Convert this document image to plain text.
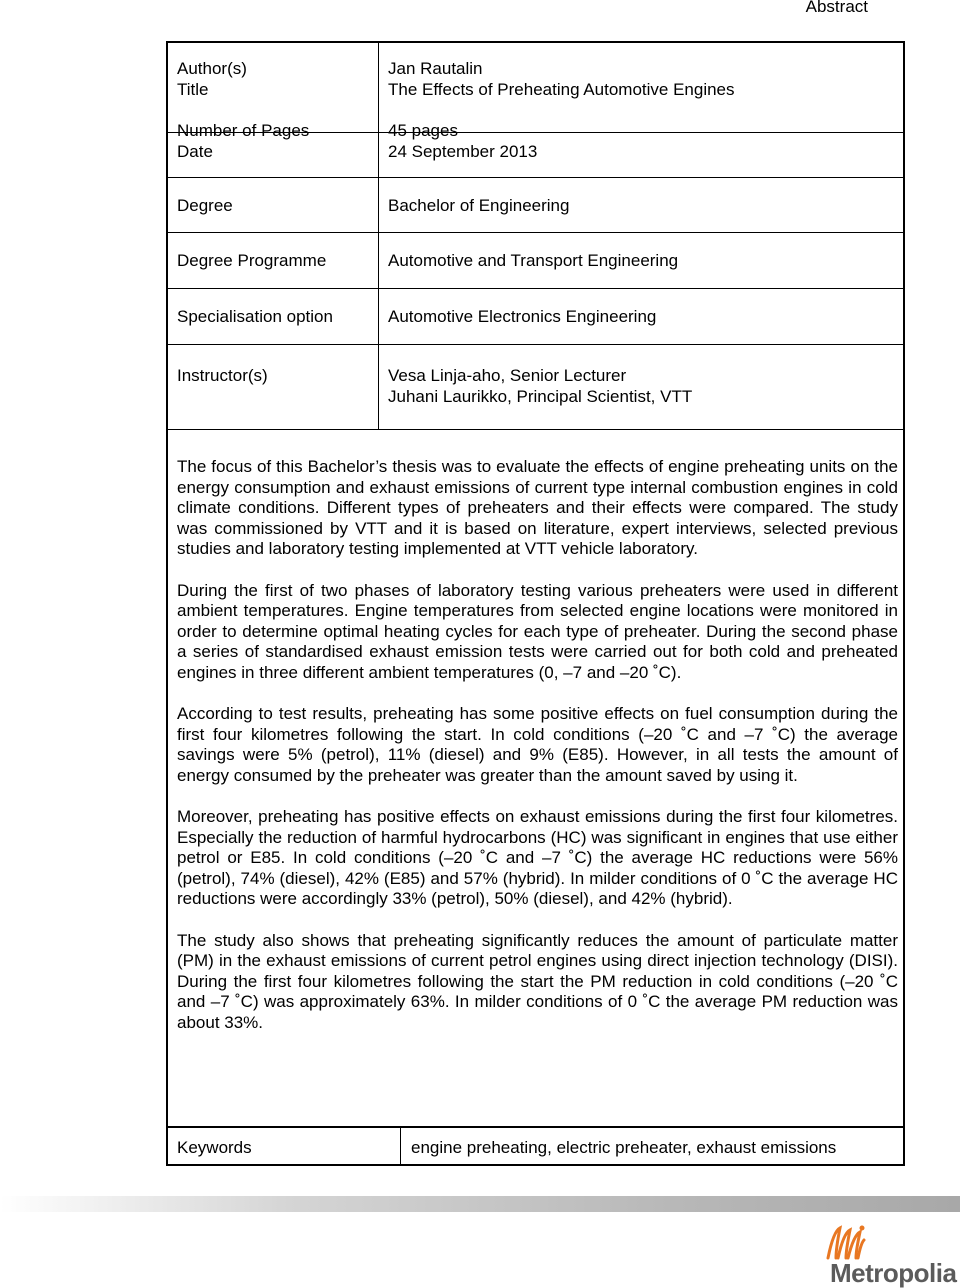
Abstract
Author(s)	Jan Rautalin
Title	The Effects of Preheating Automotive Engines
Number of Pages	45 pages
Date	24 September 2013
Degree	Bachelor of Engineering
Degree Programme	Automotive and Transport Engineering
Specialisation option	Automotive Electronics Engineering
Instructor(s)	Vesa Linja-aho, Senior Lecturer
Juhani Laurikko, Principal Scientist, VTT

The focus of this Bachelor’s thesis was to evaluate the effects of engine preheating units on the energy consumption and exhaust emissions of current type internal combustion engines in cold climate conditions. Different types of preheaters and their effects were compared. The study was commissioned by VTT and it is based on literature, expert interviews, selected previous studies and laboratory testing implemented at VTT vehicle laboratory.

During the first of two phases of laboratory testing various preheaters were used in different ambient temperatures. Engine temperatures from selected engine locations were monitored in order to determine optimal heating cycles for each type of preheater. During the second phase a series of standardised exhaust emission tests were carried out for both cold and preheated engines in three different ambient temperatures (0, –7 and –20 ˚C).

According to test results, preheating has some positive effects on fuel consumption during the first four kilometres following the start. In cold conditions (–20 ˚C and –7 ˚C) the average savings were 5% (petrol), 11% (diesel) and 9% (E85). However, in all tests the amount of energy consumed by the preheater was greater than the amount saved by using it.

Moreover, preheating has positive effects on exhaust emissions during the first four kilometres. Especially the reduction of harmful hydrocarbons (HC) was significant in engines that use either petrol or E85. In cold conditions (–20 ˚C and –7 ˚C) the average HC reductions were 56% (petrol), 74% (diesel), 42% (E85) and 57% (hybrid). In milder conditions of 0 ˚C the average HC reductions were accordingly 33% (petrol), 50% (diesel), and 42% (hybrid).

The study also shows that preheating significantly reduces the amount of particulate matter (PM) in the exhaust emissions of current petrol engines using direct injection technology (DISI). During the first four kilometres following the start the PM reduction in cold conditions (–20 ˚C and –7 ˚C) was approximately 63%. In milder conditions of 0 ˚C the average PM reduction was about 33%.

Keywords	engine preheating, electric preheater, exhaust emissions
Metropolia
